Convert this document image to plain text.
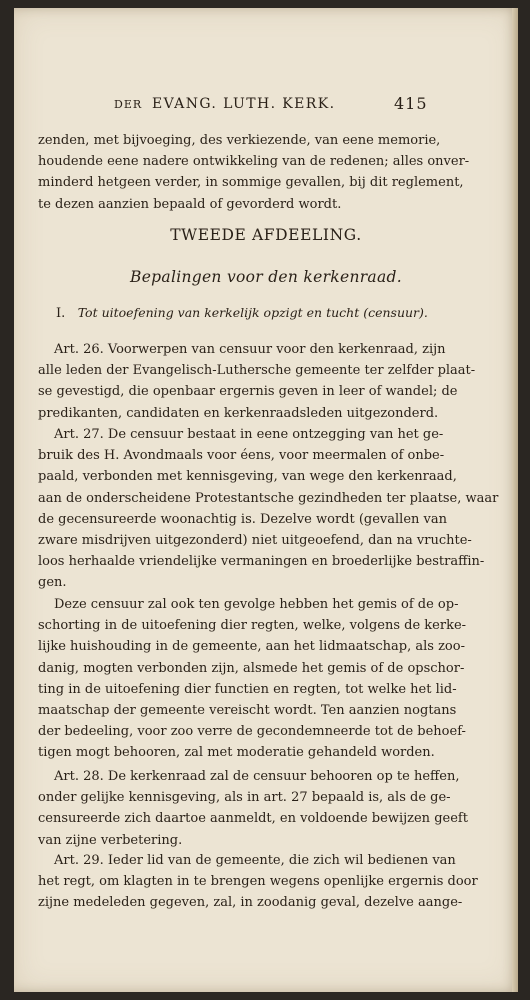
DER EVANG. LUTH. KERK.	415

zenden, met bijvoeging, des verkiezende, van eene memorie,
houdende eene nadere ontwikkeling van de redenen; alles onver-
minderd hetgeen verder, in sommige gevallen, bij dit reglement,
te dezen aanzien bepaald of gevorderd wordt.

TWEEDE AFDEELING.

Bepalingen voor den kerkenraad.

I. Tot uitoefening van kerkelijk opzigt en tucht (censuur).

Art. 26. Voorwerpen van censuur voor den kerkenraad, zijn
alle leden der Evangelisch-Luthersche gemeente ter zelfder plaat-
se gevestigd, die openbaar ergernis geven in leer of wandel; de
predikanten, candidaten en kerkenraadsleden uitgezonderd.

Art. 27. De censuur bestaat in eene ontzegging van het ge-
bruik des H. Avondmaals voor éens, voor meermalen of onbe-
paald, verbonden met kennisgeving, van wege den kerkenraad,
aan de onderscheidene Protestantsche gezindheden ter plaatse, waar
de gecensureerde woonachtig is. Dezelve wordt (gevallen van
zware misdrijven uitgezonderd) niet uitgeoefend, dan na vruchte-
loos herhaalde vriendelijke vermaningen en broederlijke bestraffin-
gen.

Deze censuur zal ook ten gevolge hebben het gemis of de op-
schorting in de uitoefening dier regten, welke, volgens de kerke-
lijke huishouding in de gemeente, aan het lidmaatschap, als zoo-
danig, mogten verbonden zijn, alsmede het gemis of de opschor-
ting in de uitoefening dier functien en regten, tot welke het lid-
maatschap der gemeente vereischt wordt. Ten aanzien nogtans
der bedeeling, voor zoo verre de gecondemneerde tot de behoef-
tigen mogt behooren, zal met moderatie gehandeld worden.

Art. 28. De kerkenraad zal de censuur behooren op te heffen,
onder gelijke kennisgeving, als in art. 27 bepaald is, als de ge-
censureerde zich daartoe aanmeldt, en voldoende bewijzen geeft
van zijne verbetering.

Art. 29. Ieder lid van de gemeente, die zich wil bedienen van
het regt, om klagten in te brengen wegens openlijke ergernis door
zijne medeleden gegeven, zal, in zoodanig geval, dezelve aange-
